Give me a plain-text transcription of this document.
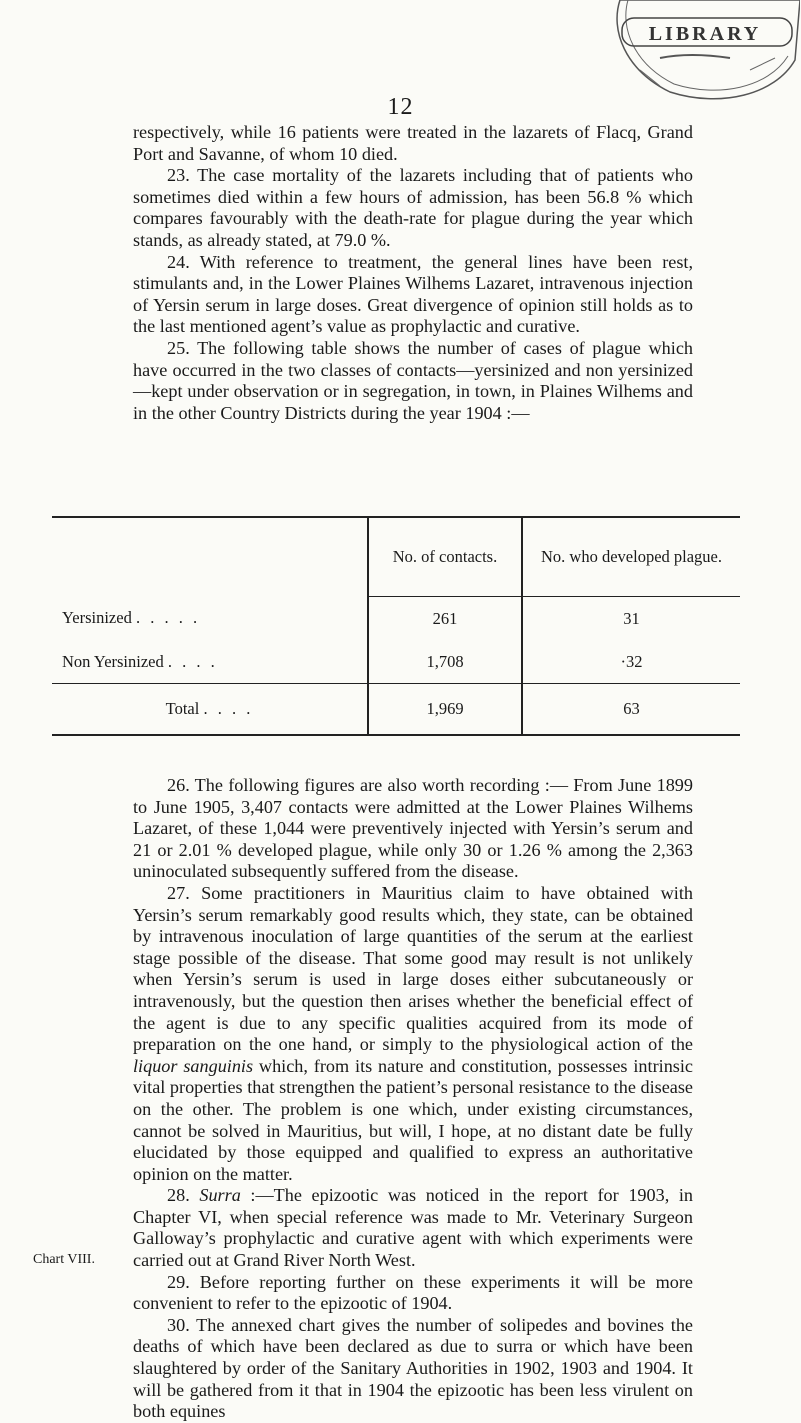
LIBRARY
12

respectively, while 16 patients were treated in the lazarets of Flacq, Grand Port and Savanne, of whom 10 died.

23. The case mortality of the lazarets including that of patients who sometimes died within a few hours of admission, has been 56.8 % which compares favourably with the death-rate for plague during the year which stands, as already stated, at 79.0 %.

24. With reference to treatment, the general lines have been rest, stimulants and, in the Lower Plaines Wilhems Lazaret, intravenous injection of Yersin serum in large doses. Great divergence of opinion still holds as to the last mentioned agent’s value as prophylactic and curative.

25. The following table shows the number of cases of plague which have occurred in the two classes of contacts—yersinized and non yersinized—kept under observation or in segregation, in town, in Plaines Wilhems and in the other Country Districts during the year 1904 :—

	No. of contacts.	No. who developed plague.
Yersinized . . . . .	261	31
Non Yersinized . . . .	1,708	·32
Total . . . .	1,969	63

26. The following figures are also worth recording :— From June 1899 to June 1905, 3,407 contacts were admitted at the Lower Plaines Wilhems Lazaret, of these 1,044 were preventively injected with Yersin’s serum and 21 or 2.01 % developed plague, while only 30 or 1.26 % among the 2,363 uninoculated subsequently suffered from the disease.

27. Some practitioners in Mauritius claim to have obtained with Yersin’s serum remarkably good results which, they state, can be obtained by intravenous inoculation of large quantities of the serum at the earliest stage possible of the disease. That some good may result is not unlikely when Yersin’s serum is used in large doses either subcutaneously or intravenously, but the question then arises whether the beneficial effect of the agent is due to any specific qualities acquired from its mode of preparation on the one hand, or simply to the physiological action of the liquor sanguinis which, from its nature and constitution, possesses intrinsic vital properties that strengthen the patient’s personal resistance to the disease on the other. The problem is one which, under existing circumstances, cannot be solved in Mauritius, but will, I hope, at no distant date be fully elucidated by those equipped and qualified to express an authoritative opinion on the matter.

28. Surra :—The epizootic was noticed in the report for 1903, in Chapter VI, when special reference was made to Mr. Veterinary Surgeon Galloway’s prophylactic and curative agent with which experiments were carried out at Grand River North West.

29. Before reporting further on these experiments it will be more convenient to refer to the epizootic of 1904.

30. The annexed chart gives the number of solipedes and bovines the deaths of which have been declared as due to surra or which have been slaughtered by order of the Sanitary Authorities in 1902, 1903 and 1904. It will be gathered from it that in 1904 the epizootic has been less virulent on both equines

Chart VIII.
